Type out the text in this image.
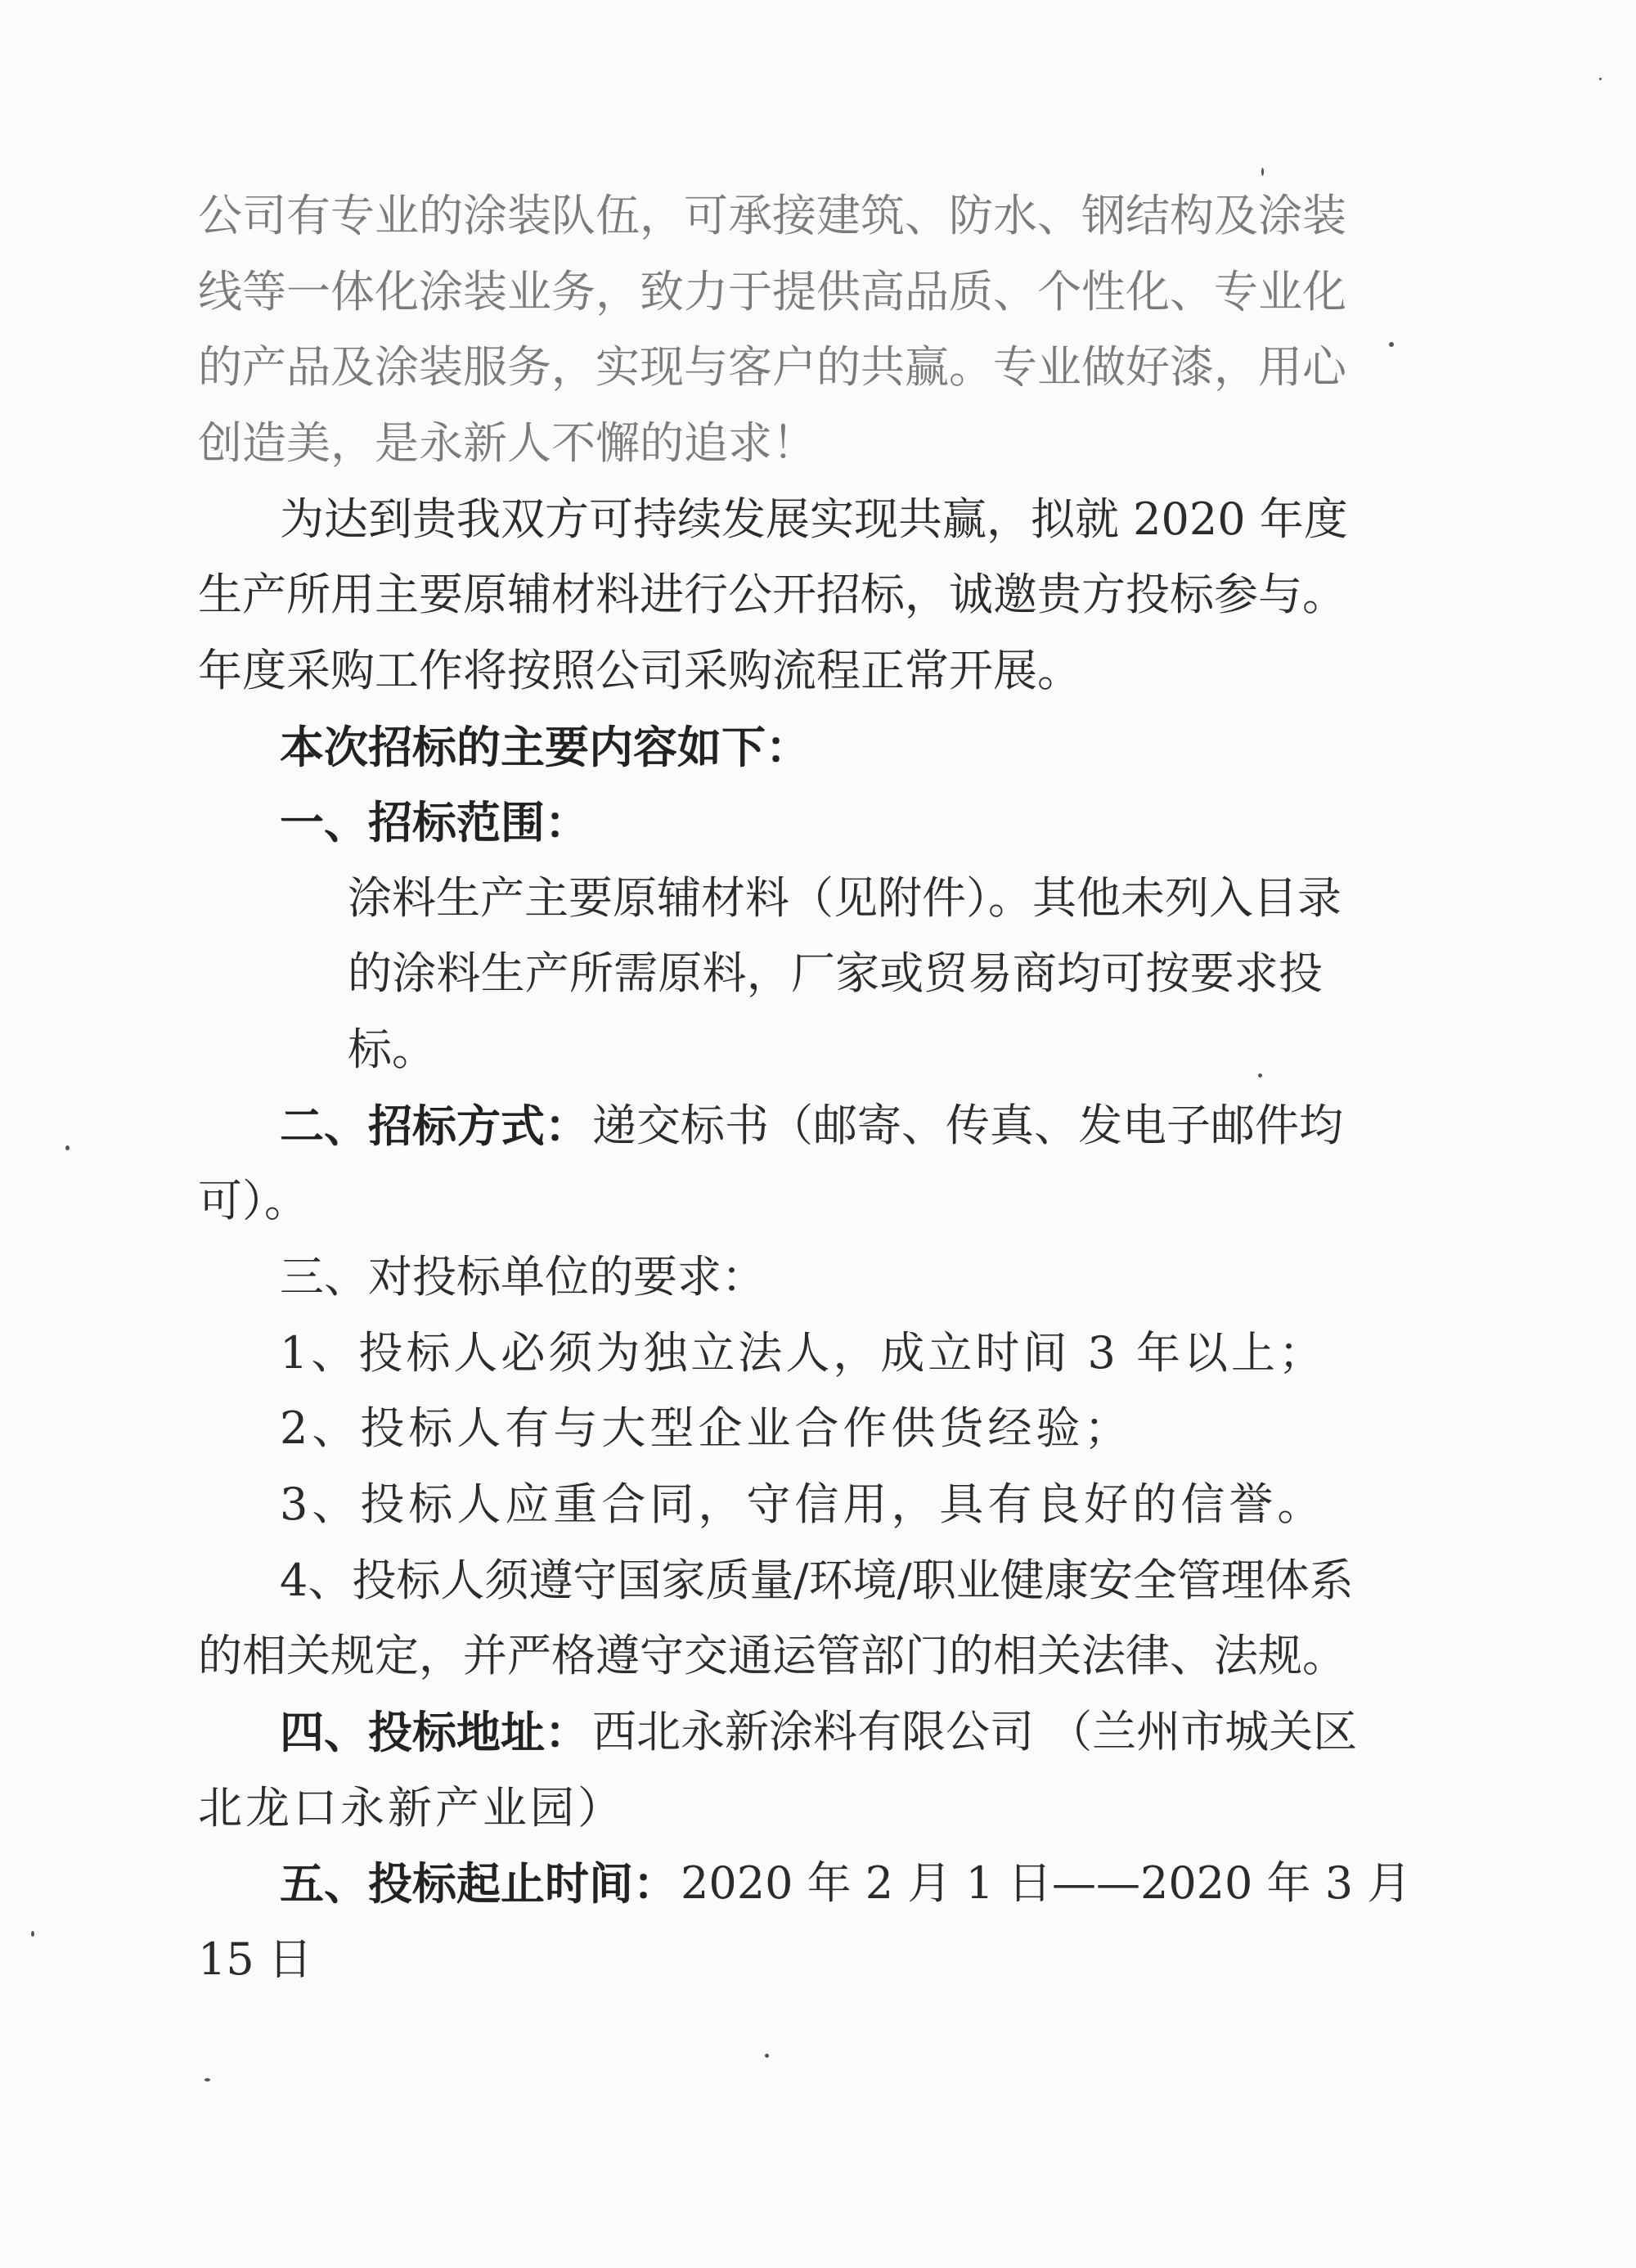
公司有专业的涂装队伍，可承接建筑、防水、钢结构及涂装
线等一体化涂装业务，致力于提供高品质、个性化、专业化
的产品及涂装服务，实现与客户的共赢。专业做好漆，用心
创造美，是永新人不懈的追求！
为达到贵我双方可持续发展实现共赢，拟就 2020 年度
生产所用主要原辅材料进行公开招标，诚邀贵方投标参与。
年度采购工作将按照公司采购流程正常开展。
本次招标的主要内容如下：
一、招标范围：
涂料生产主要原辅材料（见附件）。其他未列入目录
的涂料生产所需原料，厂家或贸易商均可按要求投
标。
二、招标方式： 递交标书（邮寄、传真、发电子邮件均
可）。
三、对投标单位的要求：
1、投标人必须为独立法人，成立时间 3 年以上；
2、投标人有与大型企业合作供货经验；
3、投标人应重合同，守信用，具有良好的信誉。
4、投标人须遵守国家质量/环境/职业健康安全管理体系
的相关规定，并严格遵守交通运管部门的相关法律、法规。
四、投标地址： 西北永新涂料有限公司 （兰州市城关区
北龙口永新产业园）
五、投标起止时间： 2020 年 2 月 1 日——2020 年 3 月
15 日
